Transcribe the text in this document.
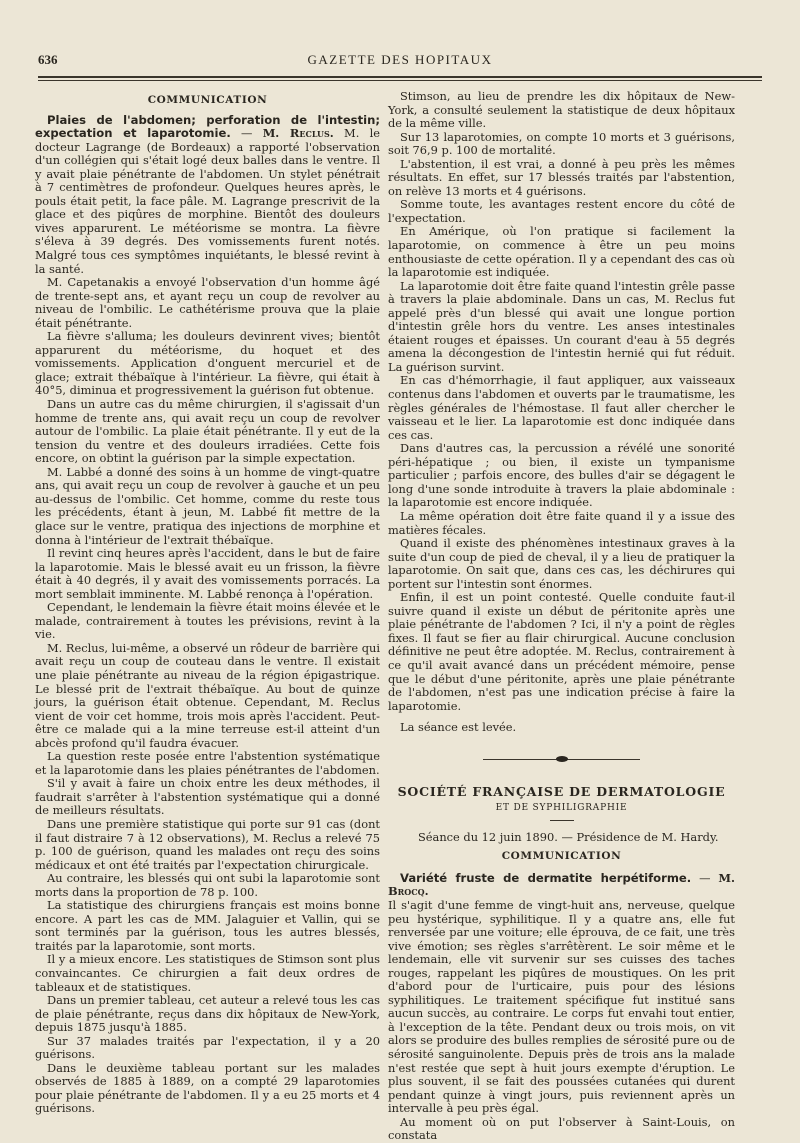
636	GAZETTE DES HOPITAUX
COMMUNICATION

Plaies de l'abdomen; perforation de l'intestin; expectation et laparotomie. — M. Reclus. M. le docteur Lagrange (de Bordeaux) a rapporté l'observation d'un collégien qui s'était logé deux balles dans le ventre. Il y avait plaie pénétrante de l'abdomen. Un stylet pénétrait à 7 centimètres de profondeur. Quelques heures après, le pouls était petit, la face pâle. M. Lagrange prescrivit de la glace et des piqûres de morphine. Bientôt des douleurs vives apparurent. Le météorisme se montra. La fièvre s'éleva à 39 degrés. Des vomissements furent notés. Malgré tous ces symptômes inquiétants, le blessé revint à la santé.

M. Capetanakis a envoyé l'observation d'un homme âgé de trente-sept ans, et ayant reçu un coup de revolver au niveau de l'ombilic. Le cathétérisme prouva que la plaie était pénétrante.

La fièvre s'alluma; les douleurs devinrent vives; bientôt apparurent du météorisme, du hoquet et des vomissements. Application d'onguent mercuriel et de glace; extrait thébaïque à l'intérieur. La fièvre, qui était à 40°5, diminua et progressivement la guérison fut obtenue.

Dans un autre cas du même chirurgien, il s'agissait d'un homme de trente ans, qui avait reçu un coup de revolver autour de l'ombilic. La plaie était pénétrante. Il y eut de la tension du ventre et des douleurs irradiées. Cette fois encore, on obtint la guérison par la simple expectation.

M. Labbé a donné des soins à un homme de vingt-quatre ans, qui avait reçu un coup de revolver à gauche et un peu au-dessus de l'ombilic. Cet homme, comme du reste tous les précédents, étant à jeun, M. Labbé fit mettre de la glace sur le ventre, pratiqua des injections de morphine et donna à l'intérieur de l'extrait thébaïque.

Il revint cinq heures après l'accident, dans le but de faire la laparotomie. Mais le blessé avait eu un frisson, la fièvre était à 40 degrés, il y avait des vomissements porracés. La mort semblait imminente. M. Labbé renonça à l'opération.

Cependant, le lendemain la fièvre était moins élevée et le malade, contrairement à toutes les prévisions, revint à la vie.

M. Reclus, lui-même, a observé un rôdeur de barrière qui avait reçu un coup de couteau dans le ventre. Il existait une plaie pénétrante au niveau de la région épigastrique. Le blessé prit de l'extrait thébaïque. Au bout de quinze jours, la guérison était obtenue. Cependant, M. Reclus vient de voir cet homme, trois mois après l'accident. Peut-être ce malade qui a la mine terreuse est-il atteint d'un abcès profond qu'il faudra évacuer.

La question reste posée entre l'abstention systématique et la laparotomie dans les plaies pénétrantes de l'abdomen.

S'il y avait à faire un choix entre les deux méthodes, il faudrait s'arrêter à l'abstention systématique qui a donné de meilleurs résultats.

Dans une première statistique qui porte sur 91 cas (dont il faut distraire 7 à 12 observations), M. Reclus a relevé 75 p. 100 de guérison, quand les malades ont reçu des soins médicaux et ont été traités par l'expectation chirurgicale.

Au contraire, les blessés qui ont subi la laparotomie sont morts dans la proportion de 78 p. 100.

La statistique des chirurgiens français est moins bonne encore. A part les cas de MM. Jalaguier et Vallin, qui se sont terminés par la guérison, tous les autres blessés, traités par la laparotomie, sont morts.

Il y a mieux encore. Les statistiques de Stimson sont plus convaincantes. Ce chirurgien a fait deux ordres de tableaux et de statistiques.

Dans un premier tableau, cet auteur a relevé tous les cas de plaie pénétrante, reçus dans dix hôpitaux de New-York, depuis 1875 jusqu'à 1885.

Sur 37 malades traités par l'expectation, il y a 20 guérisons.

Dans le deuxième tableau portant sur les malades observés de 1885 à 1889, on a compté 29 laparotomies pour plaie pénétrante de l'abdomen. Il y a eu 25 morts et 4 guérisons.

Stimson, au lieu de prendre les dix hôpitaux de New-York, a consulté seulement la statistique de deux hôpitaux de la même ville.

Sur 13 laparotomies, on compte 10 morts et 3 guérisons, soit 76,9 p. 100 de mortalité.

L'abstention, il est vrai, a donné à peu près les mêmes résultats. En effet, sur 17 blessés traités par l'abstention, on relève 13 morts et 4 guérisons.

Somme toute, les avantages restent encore du côté de l'expectation.

En Amérique, où l'on pratique si facilement la laparotomie, on commence à être un peu moins enthousiaste de cette opération. Il y a cependant des cas où la laparotomie est indiquée.

La laparotomie doit être faite quand l'intestin grêle passe à travers la plaie abdominale. Dans un cas, M. Reclus fut appelé près d'un blessé qui avait une longue portion d'intestin grêle hors du ventre. Les anses intestinales étaient rouges et épaisses. Un courant d'eau à 55 degrés amena la décongestion de l'intestin hernié qui fut réduit. La guérison survint.

En cas d'hémorrhagie, il faut appliquer, aux vaisseaux contenus dans l'abdomen et ouverts par le traumatisme, les règles générales de l'hémostase. Il faut aller chercher le vaisseau et le lier. La laparotomie est donc indiquée dans ces cas.

Dans d'autres cas, la percussion a révélé une sonorité péri-hépatique ; ou bien, il existe un tympanisme particulier ; parfois encore, des bulles d'air se dégagent le long d'une sonde introduite à travers la plaie abdominale : la laparotomie est encore indiquée.

La même opération doit être faite quand il y a issue des matières fécales.

Quand il existe des phénomènes intestinaux graves à la suite d'un coup de pied de cheval, il y a lieu de pratiquer la laparotomie. On sait que, dans ces cas, les déchirures qui portent sur l'intestin sont énormes.

Enfin, il est un point contesté. Quelle conduite faut-il suivre quand il existe un début de péritonite après une plaie pénétrante de l'abdomen ? Ici, il n'y a point de règles fixes. Il faut se fier au flair chirurgical. Aucune conclusion définitive ne peut être adoptée. M. Reclus, contrairement à ce qu'il avait avancé dans un précédent mémoire, pense que le début d'une péritonite, après une plaie pénétrante de l'abdomen, n'est pas une indication précise à faire la laparotomie.

La séance est levée.

SOCIÉTÉ FRANÇAISE DE DERMATOLOGIE
ET DE SYPHILIGRAPHIE

Séance du 12 juin 1890. — Présidence de M. Hardy.

COMMUNICATION

Variété fruste de dermatite herpétiforme. — M. Brocq.

Il s'agit d'une femme de vingt-huit ans, nerveuse, quelque peu hystérique, syphilitique. Il y a quatre ans, elle fut renversée par une voiture; elle éprouva, de ce fait, une très vive émotion; ses règles s'arrêtèrent. Le soir même et le lendemain, elle vit survenir sur ses cuisses des taches rouges, rappelant les piqûres de moustiques. On les prit d'abord pour de l'urticaire, puis pour des lésions syphilitiques. Le traitement spécifique fut institué sans aucun succès, au contraire. Le corps fut envahi tout entier, à l'exception de la tête. Pendant deux ou trois mois, on vit alors se produire des bulles remplies de sérosité pure ou de sérosité sanguinolente. Depuis près de trois ans la malade n'est restée que sept à huit jours exempte d'éruption. Le plus souvent, il se fait des poussées cutanées qui durent pendant quinze à vingt jours, puis reviennent après un intervalle à peu près égal.

Au moment où on put l'observer à Saint-Louis, on constata
